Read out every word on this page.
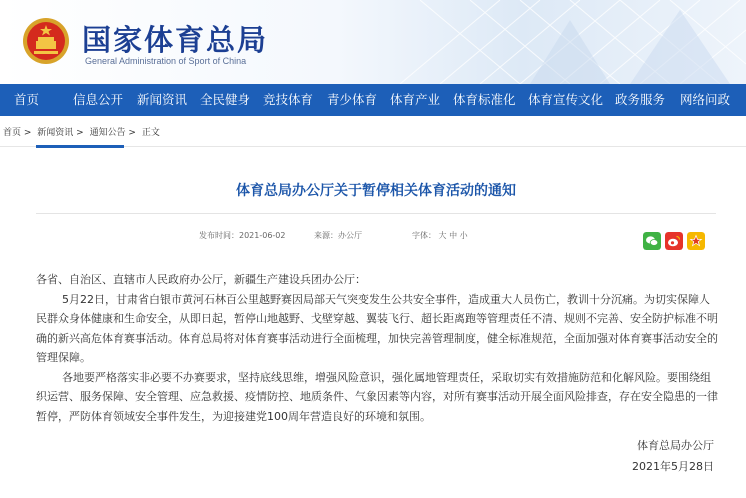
国家体育总局
General Administration of Sport of China
首页	信息公开 新闻资讯 全民健身 竞技体育 青少体育 体育产业 体育标准化 体育宣传文化 政务服务 网络问政
首页 > 新闻资讯 > 通知公告 > 正文
体育总局办公厅关于暂停相关体育活动的通知
发布时间：2021-06-02	来源：办公厅	字体： 大 中 小

各省、自治区、直辖市人民政府办公厅，新疆生产建设兵团办公厅：

5月22日，甘肃省白银市黄河石林百公里越野赛因局部天气突变发生公共安全事件，造成重大人员伤亡，教训十分沉痛。为切实保障人民群众身体健康和生命安全，从即日起，暂停山地越野、戈壁穿越、翼装飞行、超长距离跑等管理责任不清、规则不完善、安全防护标准不明确的新兴高危体育赛事活动。体育总局将对体育赛事活动进行全面梳理，加快完善管理制度，健全标准规范，全面加强对体育赛事活动安全的管理保障。

各地要严格落实非必要不办赛要求，坚持底线思维，增强风险意识，强化属地管理责任，采取切实有效措施防范和化解风险。要围绕组织运营、服务保障、安全管理、应急救援、疫情防控、地质条件、气象因素等内容，对所有赛事活动开展全面风险排查，存在安全隐患的一律暂停，严防体育领域安全事件发生，为迎接建党100周年营造良好的环境和氛围。

体育总局办公厅
2021年5月28日
